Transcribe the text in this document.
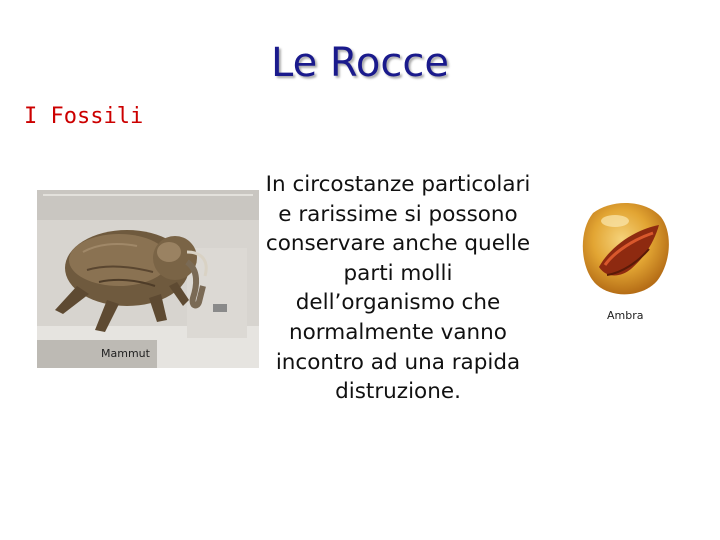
Le Rocce
I Fossili
Mammut
In circostanze particolari e rarissime si possono conservare anche quelle parti molli dell’organismo che normalmente vanno incontro ad una rapida distruzione.
Ambra
